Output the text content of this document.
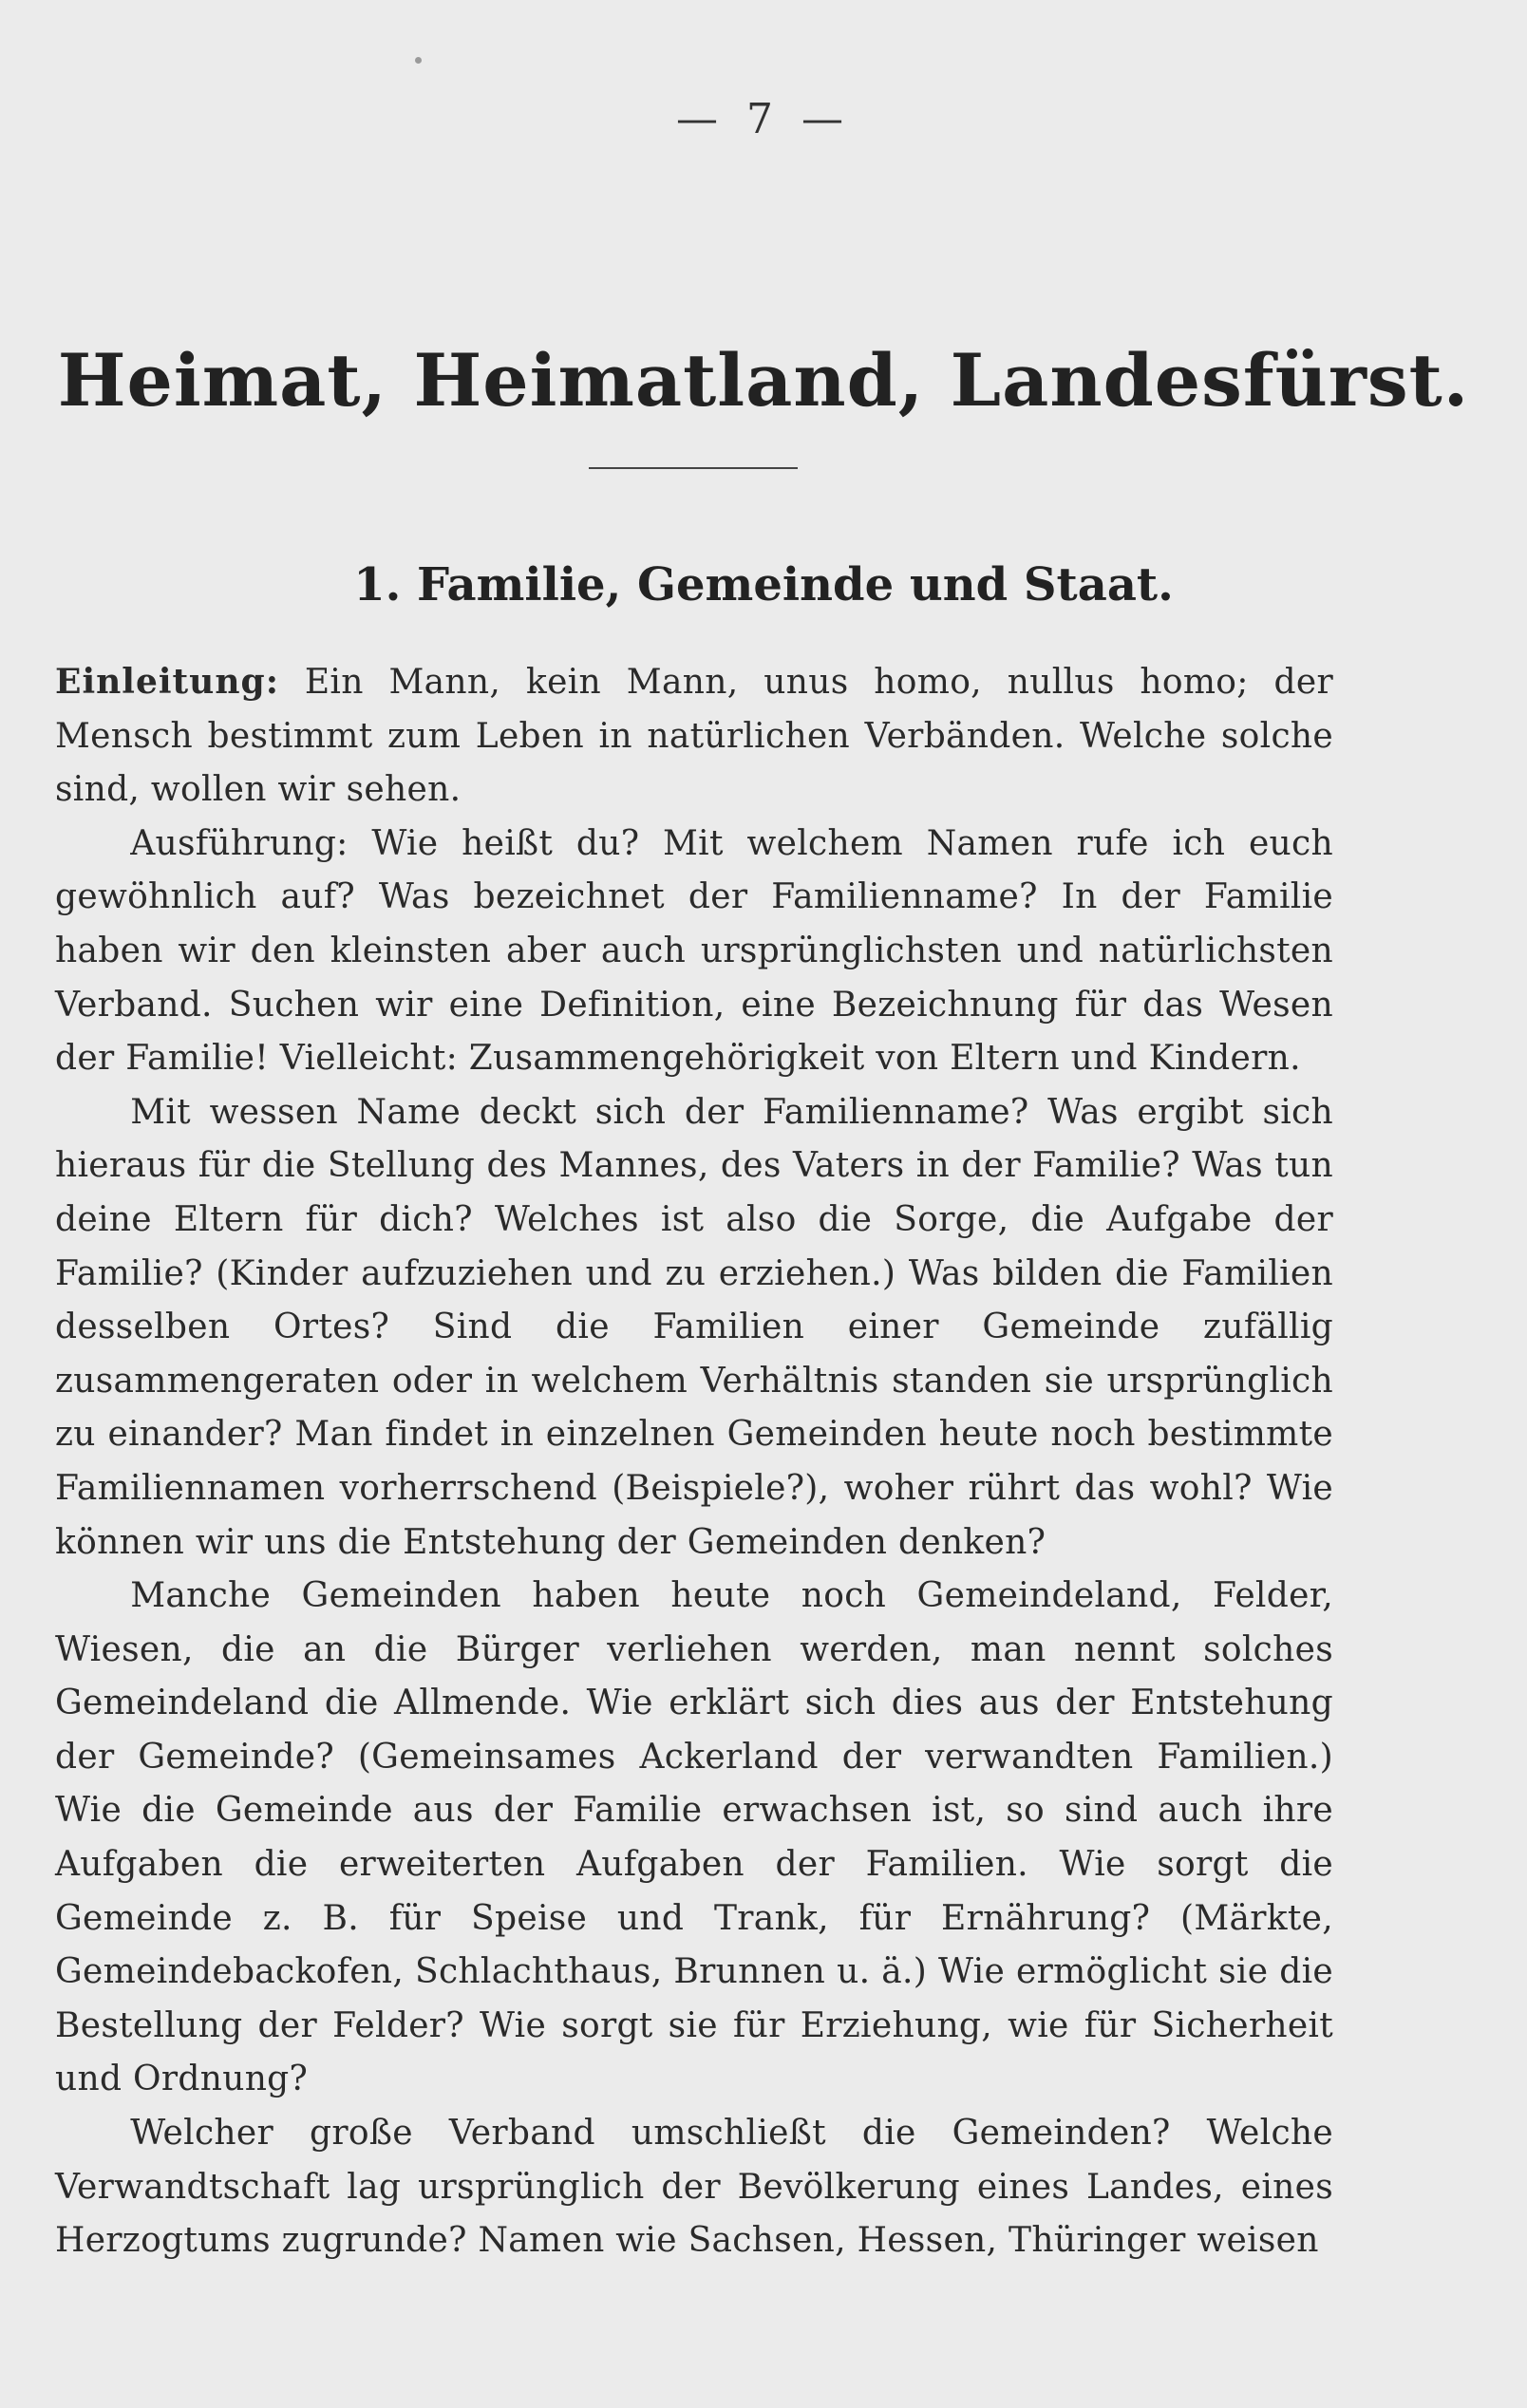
— 7 —
Heimat, Heimatland, Landesfürst.
1. Familie, Gemeinde und Staat.

Einleitung: Ein Mann, kein Mann, unus homo, nullus homo; der Mensch bestimmt zum Leben in natürlichen Verbänden. Welche solche sind, wollen wir sehen.

Ausführung: Wie heißt du? Mit welchem Namen rufe ich euch gewöhnlich auf? Was bezeichnet der Familienname? In der Familie haben wir den kleinsten aber auch ursprünglichsten und natürlichsten Verband. Suchen wir eine Definition, eine Bezeichnung für das Wesen der Familie! Vielleicht: Zusammengehörigkeit von Eltern und Kindern.

Mit wessen Name deckt sich der Familienname? Was ergibt sich hieraus für die Stellung des Mannes, des Vaters in der Familie? Was tun deine Eltern für dich? Welches ist also die Sorge, die Aufgabe der Familie? (Kinder aufzuziehen und zu erziehen.) Was bilden die Familien desselben Ortes? Sind die Familien einer Gemeinde zufällig zusammengeraten oder in welchem Verhältnis standen sie ursprünglich zu einander? Man findet in einzelnen Gemeinden heute noch bestimmte Familiennamen vorherrschend (Beispiele?), woher rührt das wohl? Wie können wir uns die Entstehung der Gemeinden denken?

Manche Gemeinden haben heute noch Gemeindeland, Felder, Wiesen, die an die Bürger verliehen werden, man nennt solches Gemeindeland die Allmende. Wie erklärt sich dies aus der Entstehung der Gemeinde? (Gemeinsames Ackerland der verwandten Familien.) Wie die Gemeinde aus der Familie erwachsen ist, so sind auch ihre Aufgaben die erweiterten Aufgaben der Familien. Wie sorgt die Gemeinde z. B. für Speise und Trank, für Ernährung? (Märkte, Gemeindebackofen, Schlachthaus, Brunnen u. ä.) Wie ermöglicht sie die Bestellung der Felder? Wie sorgt sie für Erziehung, wie für Sicherheit und Ordnung?

Welcher große Verband umschließt die Gemeinden? Welche Verwandtschaft lag ursprünglich der Bevölkerung eines Landes, eines Herzogtums zugrunde? Namen wie Sachsen, Hessen, Thüringer weisen
